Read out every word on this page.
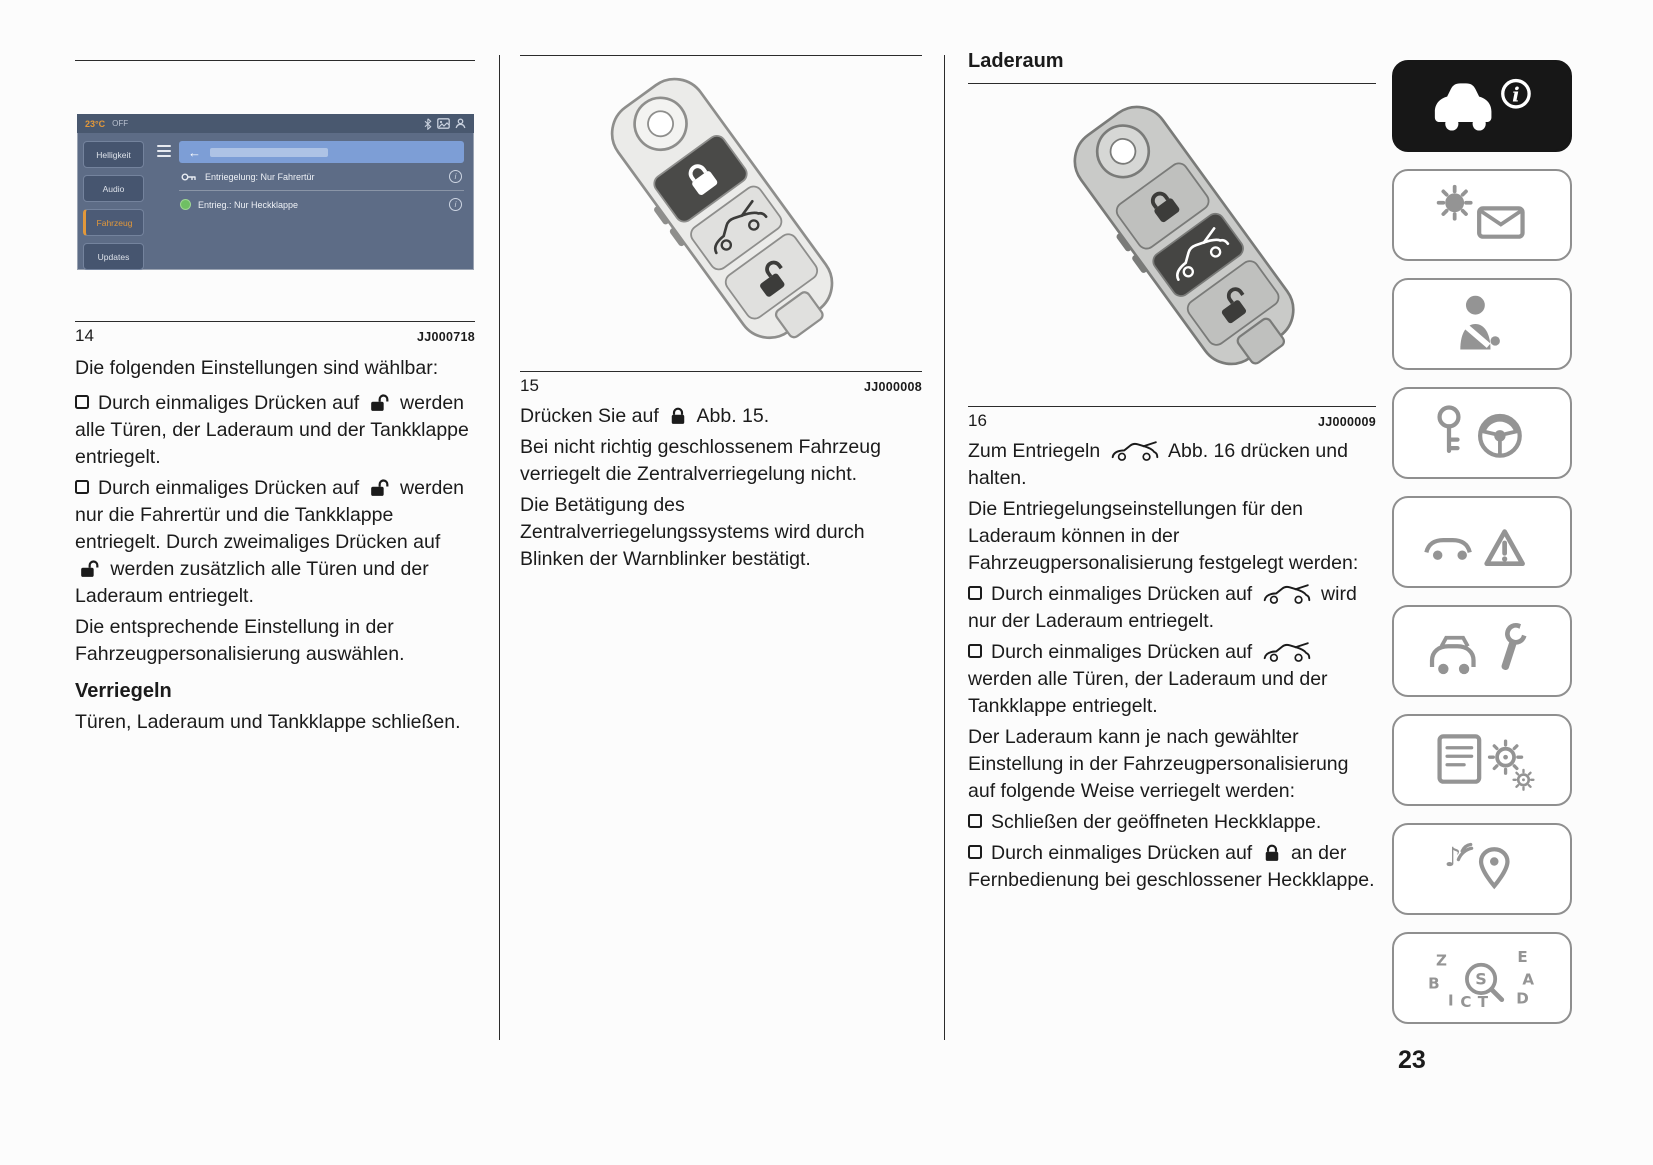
23°C OFF
Helligkeit
Audio
Fahrzeug
Updates
←
Entriegelung: Nur Fahrertür	i
Entrieg.: Nur Heckklappe	i
14	JJ000718

Die folgenden Einstellungen sind wählbar:

Durch einmaliges Drücken auf werden alle Türen, der Laderaum und der Tankklappe entriegelt.

Durch einmaliges Drücken auf werden nur die Fahrertür und die Tankklappe entriegelt. Durch zweimaliges Drücken auf
werden zusätzlich alle Türen und der Laderaum entriegelt.

Die entsprechende Einstellung in der Fahrzeugpersonalisierung auswählen.

Verriegeln

Türen, Laderaum und Tankklappe schließen.

15	JJ000008

Drücken Sie auf Abb. 15.

Bei nicht richtig geschlossenem Fahrzeug verriegelt die Zentralverriegelung nicht.

Die Betätigung des Zentralverriegelungssystems wird durch Blinken der Warnblinker bestätigt.

Laderaum
16	JJ000009

Zum Entriegeln	Abb. 16 drücken und halten.

Die Entriegelungseinstellungen für den Laderaum können in der Fahrzeugpersonalisierung festgelegt werden:

Durch einmaliges Drücken auf	wird nur der Laderaum entriegelt.

Durch einmaliges Drücken auf
werden alle Türen, der Laderaum und der Tankklappe entriegelt.

Der Laderaum kann je nach gewählter Einstellung in der Fahrzeugpersonalisierung auf folgende Weise verriegelt werden:

Schließen der geöffneten Heckklappe.

Durch einmaliges Drücken auf an der Fernbedienung bei geschlossener Heckklappe.

i
♪
Z	E
B	A
I C T D
S
23
